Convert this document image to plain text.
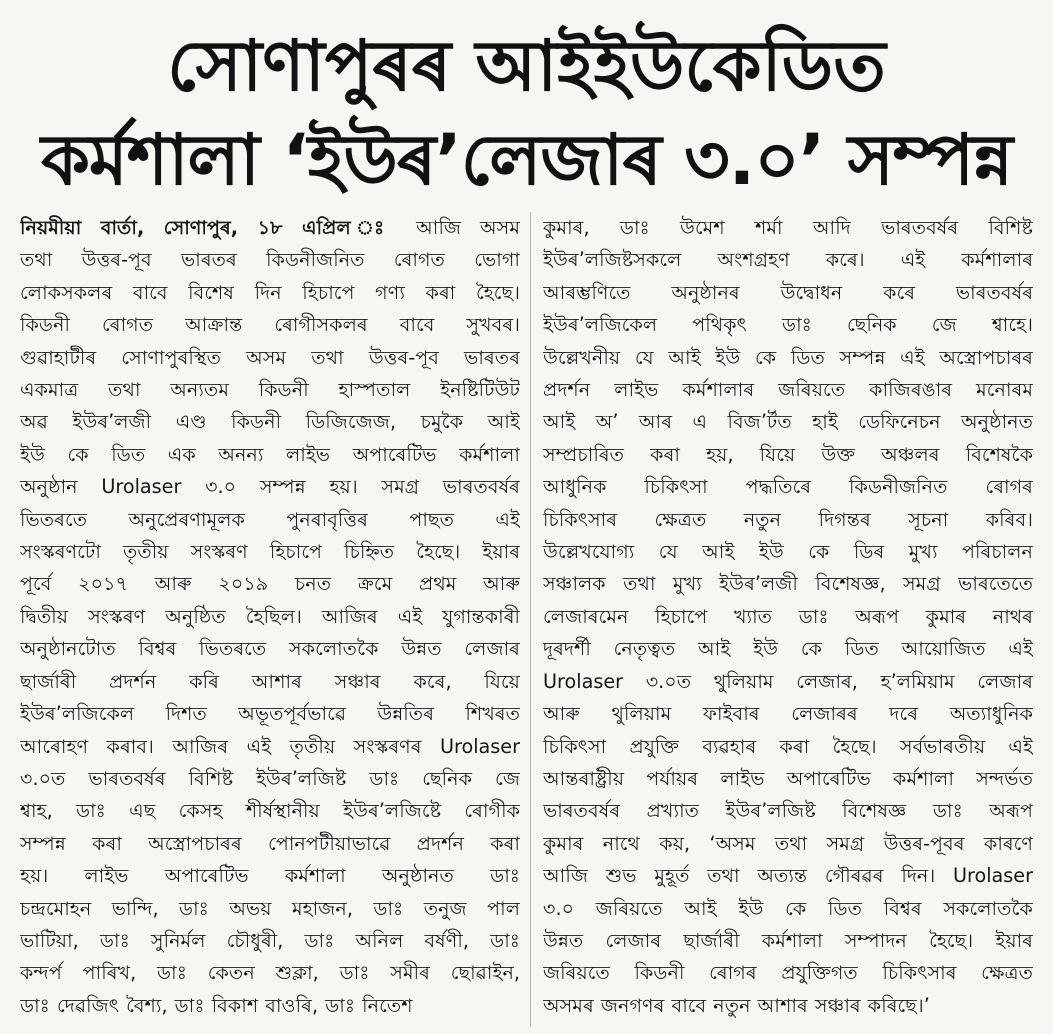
সোণাপুৰৰ আইইউকেডিত
কৰ্মশালা ‘ইউৰ’লেজাৰ ৩.০’ সম্পন্ন
নিয়মীয়া বাৰ্তা, সোণাপুৰ, ১৮ এপ্ৰিল ঃ আজি অসম
তথা উত্তৰ-পূব ভাৰতৰ কিডনীজনিত ৰোগত ভোগা
লোকসকলৰ বাবে বিশেষ দিন হিচাপে গণ্য কৰা হৈছে।
কিডনী ৰোগত আক্ৰান্ত ৰোগীসকলৰ বাবে সুখবৰ।
গুৱাহাটীৰ সোণাপুৰস্থিত অসম তথা উত্তৰ-পূব ভাৰতৰ
একমাত্ৰ তথা অন্যতম কিডনী হাস্পতাল ইনষ্টিটিউট
অৱ ইউৰ’লজী এণ্ড কিডনী ডিজিজেজ, চমুকৈ আই
ইউ কে ডিত এক অনন্য লাইভ অপাৰেটিভ কৰ্মশালা
অনুষ্ঠান Urolaser ৩.০ সম্পন্ন হয়। সমগ্ৰ ভাৰতবৰ্ষৰ
ভিতৰতে অনুপ্ৰেৰণামূলক পুনৰাবৃত্তিৰ পাছত এই
সংস্কৰণটো তৃতীয় সংস্কৰণ হিচাপে চিহ্নিত হৈছে। ইয়াৰ
পূৰ্বে ২০১৭ আৰু ২০১৯ চনত ক্ৰমে প্ৰথম আৰু
দ্বিতীয় সংস্কৰণ অনুষ্ঠিত হৈছিল। আজিৰ এই যুগান্তকাৰী
অনুষ্ঠানটোত বিশ্বৰ ভিতৰতে সকলোতকৈ উন্নত লেজাৰ
ছাৰ্জাৰী প্ৰদৰ্শন কৰি আশাৰ সঞ্চাৰ কৰে, যিয়ে
ইউৰ’লজিকেল দিশত অভূতপূৰ্বভাৱে উন্নতিৰ শিখৰত
আৰোহণ কৰাব। আজিৰ এই তৃতীয় সংস্কৰণৰ Urolaser
৩.০ত ভাৰতবৰ্ষৰ বিশিষ্ট ইউৰ’লজিষ্ট ডাঃ ছেনিক জে
শ্বাহ, ডাঃ এছ কেসহ শীৰ্ষস্থানীয় ইউৰ’লজিষ্টে ৰোগীক
সম্পন্ন কৰা অস্ত্ৰোপচাৰৰ পোনপটীয়াভাৱে প্ৰদৰ্শন কৰা
হয়। লাইভ অপাৰেটিভ কৰ্মশালা অনুষ্ঠানত ডাঃ
চন্দ্ৰমোহন ভান্দি, ডাঃ অভয় মহাজন, ডাঃ তনুজ পাল
ভাটিয়া, ডাঃ সুনিৰ্মল চৌধুৰী, ডাঃ অনিল বৰ্ষণী, ডাঃ
কন্দৰ্প পাৰিখ, ডাঃ কেতন শুক্লা, ডাঃ সমীৰ ছোৱাইন,
ডাঃ দেৱজিৎ বৈশ্য, ডাঃ বিকাশ বাওৰি, ডাঃ নিতেশ
কুমাৰ, ডাঃ উমেশ শৰ্মা আদি ভাৰতবৰ্ষৰ বিশিষ্ট
ইউৰ’লজিষ্টসকলে অংশগ্ৰহণ কৰে। এই কৰ্মশালাৰ
আৰম্ভণিতে অনুষ্ঠানৰ উদ্বোধন কৰে ভাৰতবৰ্ষৰ
ইউৰ’লজিকেল পথিকৃৎ ডাঃ ছেনিক জে শ্বাহে।
উল্লেখনীয় যে আই ইউ কে ডিত সম্পন্ন এই অস্ত্ৰোপচাৰৰ
প্ৰদৰ্শন লাইভ কৰ্মশালাৰ জৰিয়তে কাজিৰঙাৰ মনোৰম
আই অ’ আৰ এ বিজ’ৰ্টত হাই ডেফিনেচন অনুষ্ঠানত
সম্প্ৰচাৰিত কৰা হয়, যিয়ে উক্ত অঞ্চলৰ বিশেষকৈ
আধুনিক চিকিৎসা পদ্ধতিৰে কিডনীজনিত ৰোগৰ
চিকিৎসাৰ ক্ষেত্ৰত নতুন দিগন্তৰ সূচনা কৰিব।
উল্লেখযোগ্য যে আই ইউ কে ডিৰ মুখ্য পৰিচালন
সঞ্চালক তথা মুখ্য ইউৰ’লজী বিশেষজ্ঞ, সমগ্ৰ ভাৰতেতে
লেজাৰমেন হিচাপে খ্যাত ডাঃ অৰূপ কুমাৰ নাথৰ
দূৰদৰ্শী নেতৃত্বত আই ইউ কে ডিত আয়োজিত এই
Urolaser ৩.০ত থুলিয়াম লেজাৰ, হ’লমিয়াম লেজাৰ
আৰু থুলিয়াম ফাইবাৰ লেজাৰৰ দৰে অত্যাধুনিক
চিকিৎসা প্ৰযুক্তি ব্যৱহাৰ কৰা হৈছে। সৰ্বভাৰতীয় এই
আন্তৰাষ্ট্ৰীয় পৰ্যায়ৰ লাইভ অপাৰেটিভ কৰ্মশালা সন্দৰ্ভত
ভাৰতবৰ্ষৰ প্ৰখ্যাত ইউৰ’লজিষ্ট বিশেষজ্ঞ ডাঃ অৰূপ
কুমাৰ নাথে কয়, ‘অসম তথা সমগ্ৰ উত্তৰ-পূবৰ কাৰণে
আজি শুভ মুহূৰ্ত তথা অত্যন্ত গৌৰৱৰ দিন। Urolaser
৩.০ জৰিয়তে আই ইউ কে ডিত বিশ্বৰ সকলোতকৈ
উন্নত লেজাৰ ছাৰ্জাৰী কৰ্মশালা সম্পাদন হৈছে। ইয়াৰ
জৰিয়তে কিডনী ৰোগৰ প্ৰযুক্তিগত চিকিৎসাৰ ক্ষেত্ৰত
অসমৰ জনগণৰ বাবে নতুন আশাৰ সঞ্চাৰ কৰিছে।’
